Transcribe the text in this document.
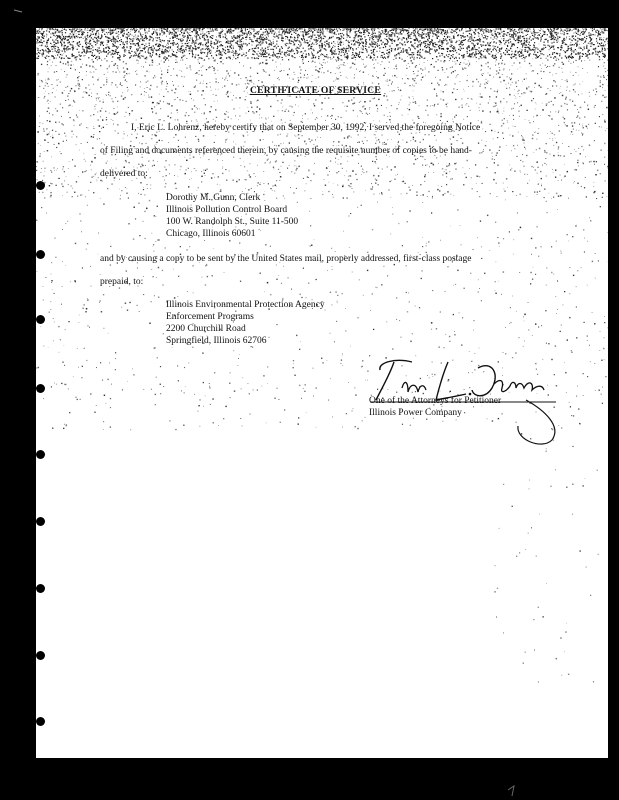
CERTIFICATE OF SERVICE
I, Eric L. Lohrenz, hereby certify that on September 30, 1992, I served the foregoing Notice
of Filing and documents referenced therein, by causing the requisite number of copies to be hand-
delivered to:
Dorothy M. Gunn, Clerk
Illinois Pollution Control Board
100 W. Randolph St., Suite 11-500
Chicago, Illinois 60601
and by causing a copy to be sent by the United States mail, properly addressed, first-class postage
prepaid, to:
Illinois Environmental Protection Agency
Enforcement Programs
2200 Churchill Road
Springfield, Illinois 62706
One of the Attorneys for Petitioner
Illinois Power Company
